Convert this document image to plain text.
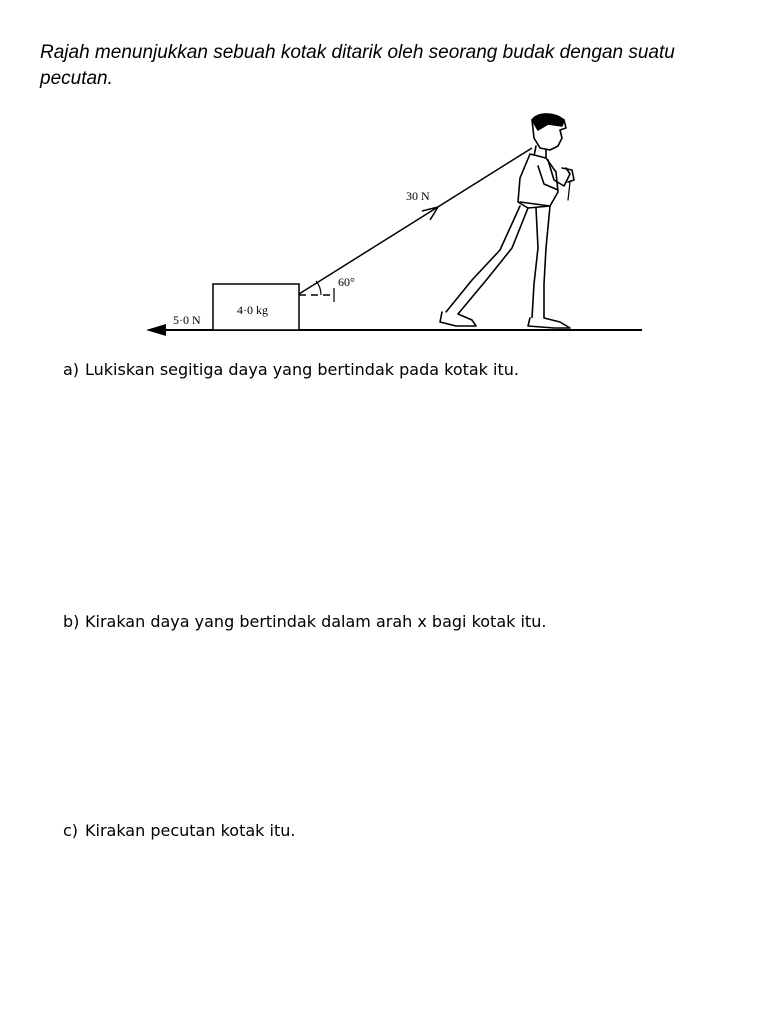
Rajah menunjukkan sebuah kotak ditarik oleh seorang budak dengan suatu
pecutan.
30 N
60°
4·0 kg
5·0 N

a) Lukiskan segitiga daya yang bertindak pada kotak itu.

b) Kirakan daya yang bertindak dalam arah x bagi kotak itu.

c) Kirakan pecutan kotak itu.
